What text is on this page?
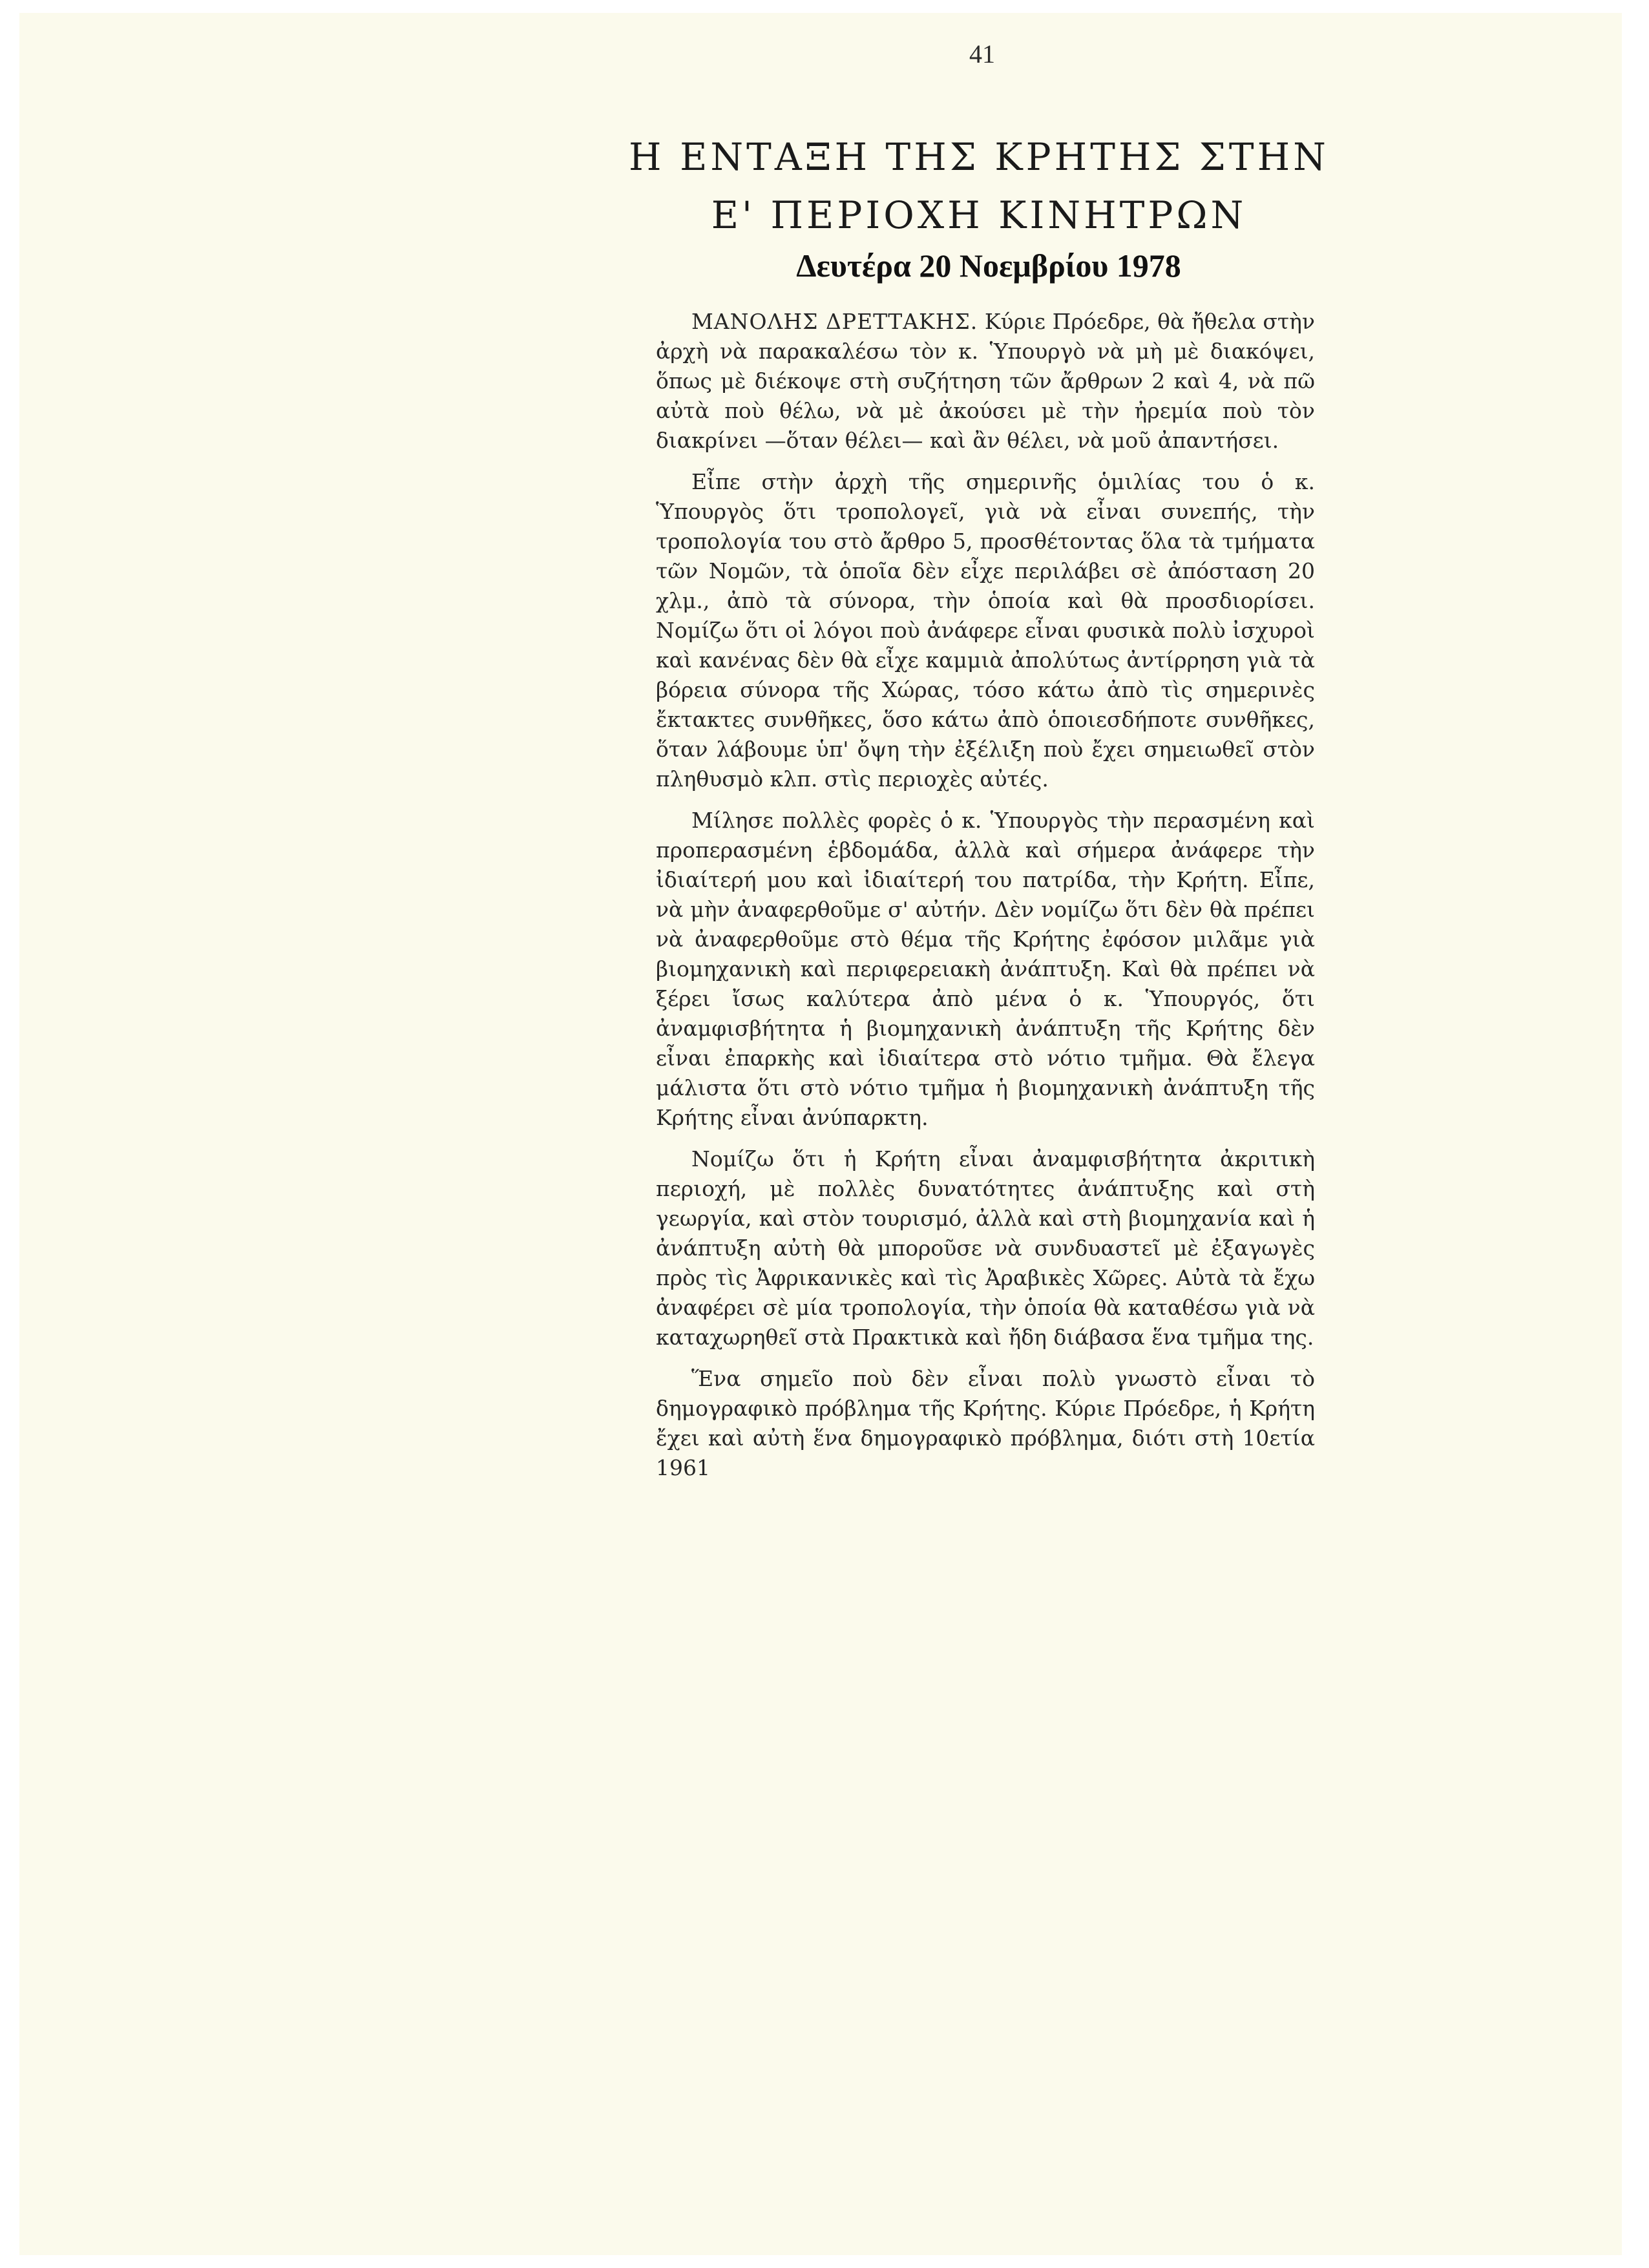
41
Η ΕΝΤΑΞΗ ΤΗΣ ΚΡΗΤΗΣ ΣΤΗΝ
Ε' ΠΕΡΙΟΧΗ ΚΙΝΗΤΡΩΝ
Δευτέρα 20 Νοεμβρίου 1978

ΜΑΝΟΛΗΣ ΔΡΕΤΤΑΚΗΣ. Κύριε Πρόεδρε, θὰ ἤθελα στὴν ἀρχὴ νὰ παρακαλέσω τὸν κ. Ὑπουργὸ νὰ μὴ μὲ διακόψει, ὅπως μὲ διέκοψε στὴ συζήτηση τῶν ἄρθρων 2 καὶ 4, νὰ πῶ αὐτὰ ποὺ θέλω, νὰ μὲ ἀκούσει μὲ τὴν ἠρεμία ποὺ τὸν διακρίνει —ὅταν θέλει— καὶ ἂν θέλει, νὰ μοῦ ἀπαντήσει.

Εἶπε στὴν ἀρχὴ τῆς σημερινῆς ὁμιλίας του ὁ κ. Ὑπουργὸς ὅτι τροπολογεῖ, γιὰ νὰ εἶναι συνεπής, τὴν τροπολογία του στὸ ἄρθρο 5, προσθέτοντας ὅλα τὰ τμήματα τῶν Νομῶν, τὰ ὁποῖα δὲν εἶχε περιλάβει σὲ ἀπόσταση 20 χλμ., ἀπὸ τὰ σύνορα, τὴν ὁποία καὶ θὰ προσδιορίσει. Νομίζω ὅτι οἱ λόγοι ποὺ ἀνάφερε εἶναι φυσικὰ πολὺ ἰσχυροὶ καὶ κανένας δὲν θὰ εἶχε καμμιὰ ἀπολύτως ἀντίρρηση γιὰ τὰ βόρεια σύνορα τῆς Χώρας, τόσο κάτω ἀπὸ τὶς σημερινὲς ἔκτακτες συνθῆκες, ὅσο κάτω ἀπὸ ὁποιεσδήποτε συνθῆκες, ὅταν λάβουμε ὑπ' ὄψη τὴν ἐξέλιξη ποὺ ἔχει σημειωθεῖ στὸν πληθυσμὸ κλπ. στὶς περιοχὲς αὐτές.

Μίλησε πολλὲς φορὲς ὁ κ. Ὑπουργὸς τὴν περασμένη καὶ προπερασμένη ἑβδομάδα, ἀλλὰ καὶ σήμερα ἀνάφερε τὴν ἰδιαίτερή μου καὶ ἰδιαίτερή του πατρίδα, τὴν Κρήτη. Εἶπε, νὰ μὴν ἀναφερθοῦμε σ' αὐτήν. Δὲν νομίζω ὅτι δὲν θὰ πρέπει νὰ ἀναφερθοῦμε στὸ θέμα τῆς Κρήτης ἐφόσον μιλᾶμε γιὰ βιομηχανικὴ καὶ περιφερειακὴ ἀνάπτυξη. Καὶ θὰ πρέπει νὰ ξέρει ἴσως καλύτερα ἀπὸ μένα ὁ κ. Ὑπουργός, ὅτι ἀναμφισβήτητα ἡ βιομηχανικὴ ἀνάπτυξη τῆς Κρήτης δὲν εἶναι ἐπαρκὴς καὶ ἰδιαίτερα στὸ νότιο τμῆμα. Θὰ ἔλεγα μάλιστα ὅτι στὸ νότιο τμῆμα ἡ βιομηχανικὴ ἀνάπτυξη τῆς Κρήτης εἶναι ἀνύπαρκτη.

Νομίζω ὅτι ἡ Κρήτη εἶναι ἀναμφισβήτητα ἀκριτικὴ περιοχή, μὲ πολλὲς δυνατότητες ἀνάπτυξης καὶ στὴ γεωργία, καὶ στὸν τουρισμό, ἀλλὰ καὶ στὴ βιομηχανία καὶ ἡ ἀνάπτυξη αὐτὴ θὰ μποροῦσε νὰ συνδυαστεῖ μὲ ἐξαγωγὲς πρὸς τὶς Ἀφρικανικὲς καὶ τὶς Ἀραβικὲς Χῶρες. Αὐτὰ τὰ ἔχω ἀναφέρει σὲ μία τροπολογία, τὴν ὁποία θὰ καταθέσω γιὰ νὰ καταχωρηθεῖ στὰ Πρακτικὰ καὶ ἤδη διάβασα ἕνα τμῆμα της.

Ἕνα σημεῖο ποὺ δὲν εἶναι πολὺ γνωστὸ εἶναι τὸ δημογραφικὸ πρόβλημα τῆς Κρήτης. Κύριε Πρόεδρε, ἡ Κρήτη ἔχει καὶ αὐτὴ ἕνα δημογραφικὸ πρόβλημα, διότι στὴ 10ετία 1961
